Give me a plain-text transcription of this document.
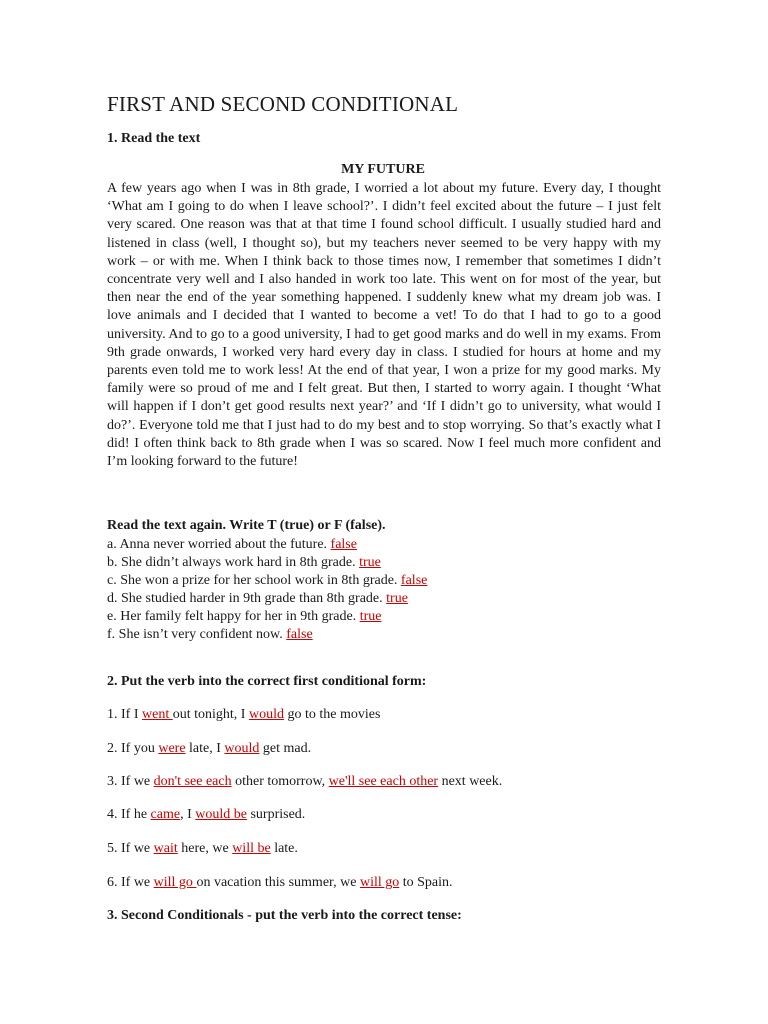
FIRST AND SECOND CONDITIONAL

1. Read the text

MY FUTURE

A few years ago when I was in 8th grade, I worried a lot about my future. Every day, I thought ‘What am I going to do when I leave school?’. I didn’t feel excited about the future – I just felt very scared. One reason was that at that time I found school difficult. I usually studied hard and listened in class (well, I thought so), but my teachers never seemed to be very happy with my work – or with me. When I think back to those times now, I remember that sometimes I didn’t concentrate very well and I also handed in work too late. This went on for most of the year, but then near the end of the year something happened. I suddenly knew what my dream job was. I love animals and I decided that I wanted to become a vet! To do that I had to go to a good university. And to go to a good university, I had to get good marks and do well in my exams. From 9th grade onwards, I worked very hard every day in class. I studied for hours at home and my parents even told me to work less! At the end of that year, I won a prize for my good marks. My family were so proud of me and I felt great. But then, I started to worry again. I thought ‘What will happen if I don’t get good results next year?’ and ‘If I didn’t go to university, what would I do?’. Everyone told me that I just had to do my best and to stop worrying. So that’s exactly what I did! I often think back to 8th grade when I was so scared. Now I feel much more confident and I’m looking forward to the future!

Read the text again. Write T (true) or F (false).

a. Anna never worried about the future. false
b. She didn’t always work hard in 8th grade. true
c. She won a prize for her school work in 8th grade. false
d. She studied harder in 9th grade than 8th grade. true
e. Her family felt happy for her in 9th grade. true
f. She isn’t very confident now. false

2. Put the verb into the correct first conditional form:

1. If I went out tonight, I would go to the movies

2. If you were late, I would get mad.

3. If we don't see each other tomorrow, we'll see each other next week.

4. If he came, I would be surprised.

5. If we wait here, we will be late.

6. If we will go on vacation this summer, we will go to Spain.

3. Second Conditionals - put the verb into the correct tense:
